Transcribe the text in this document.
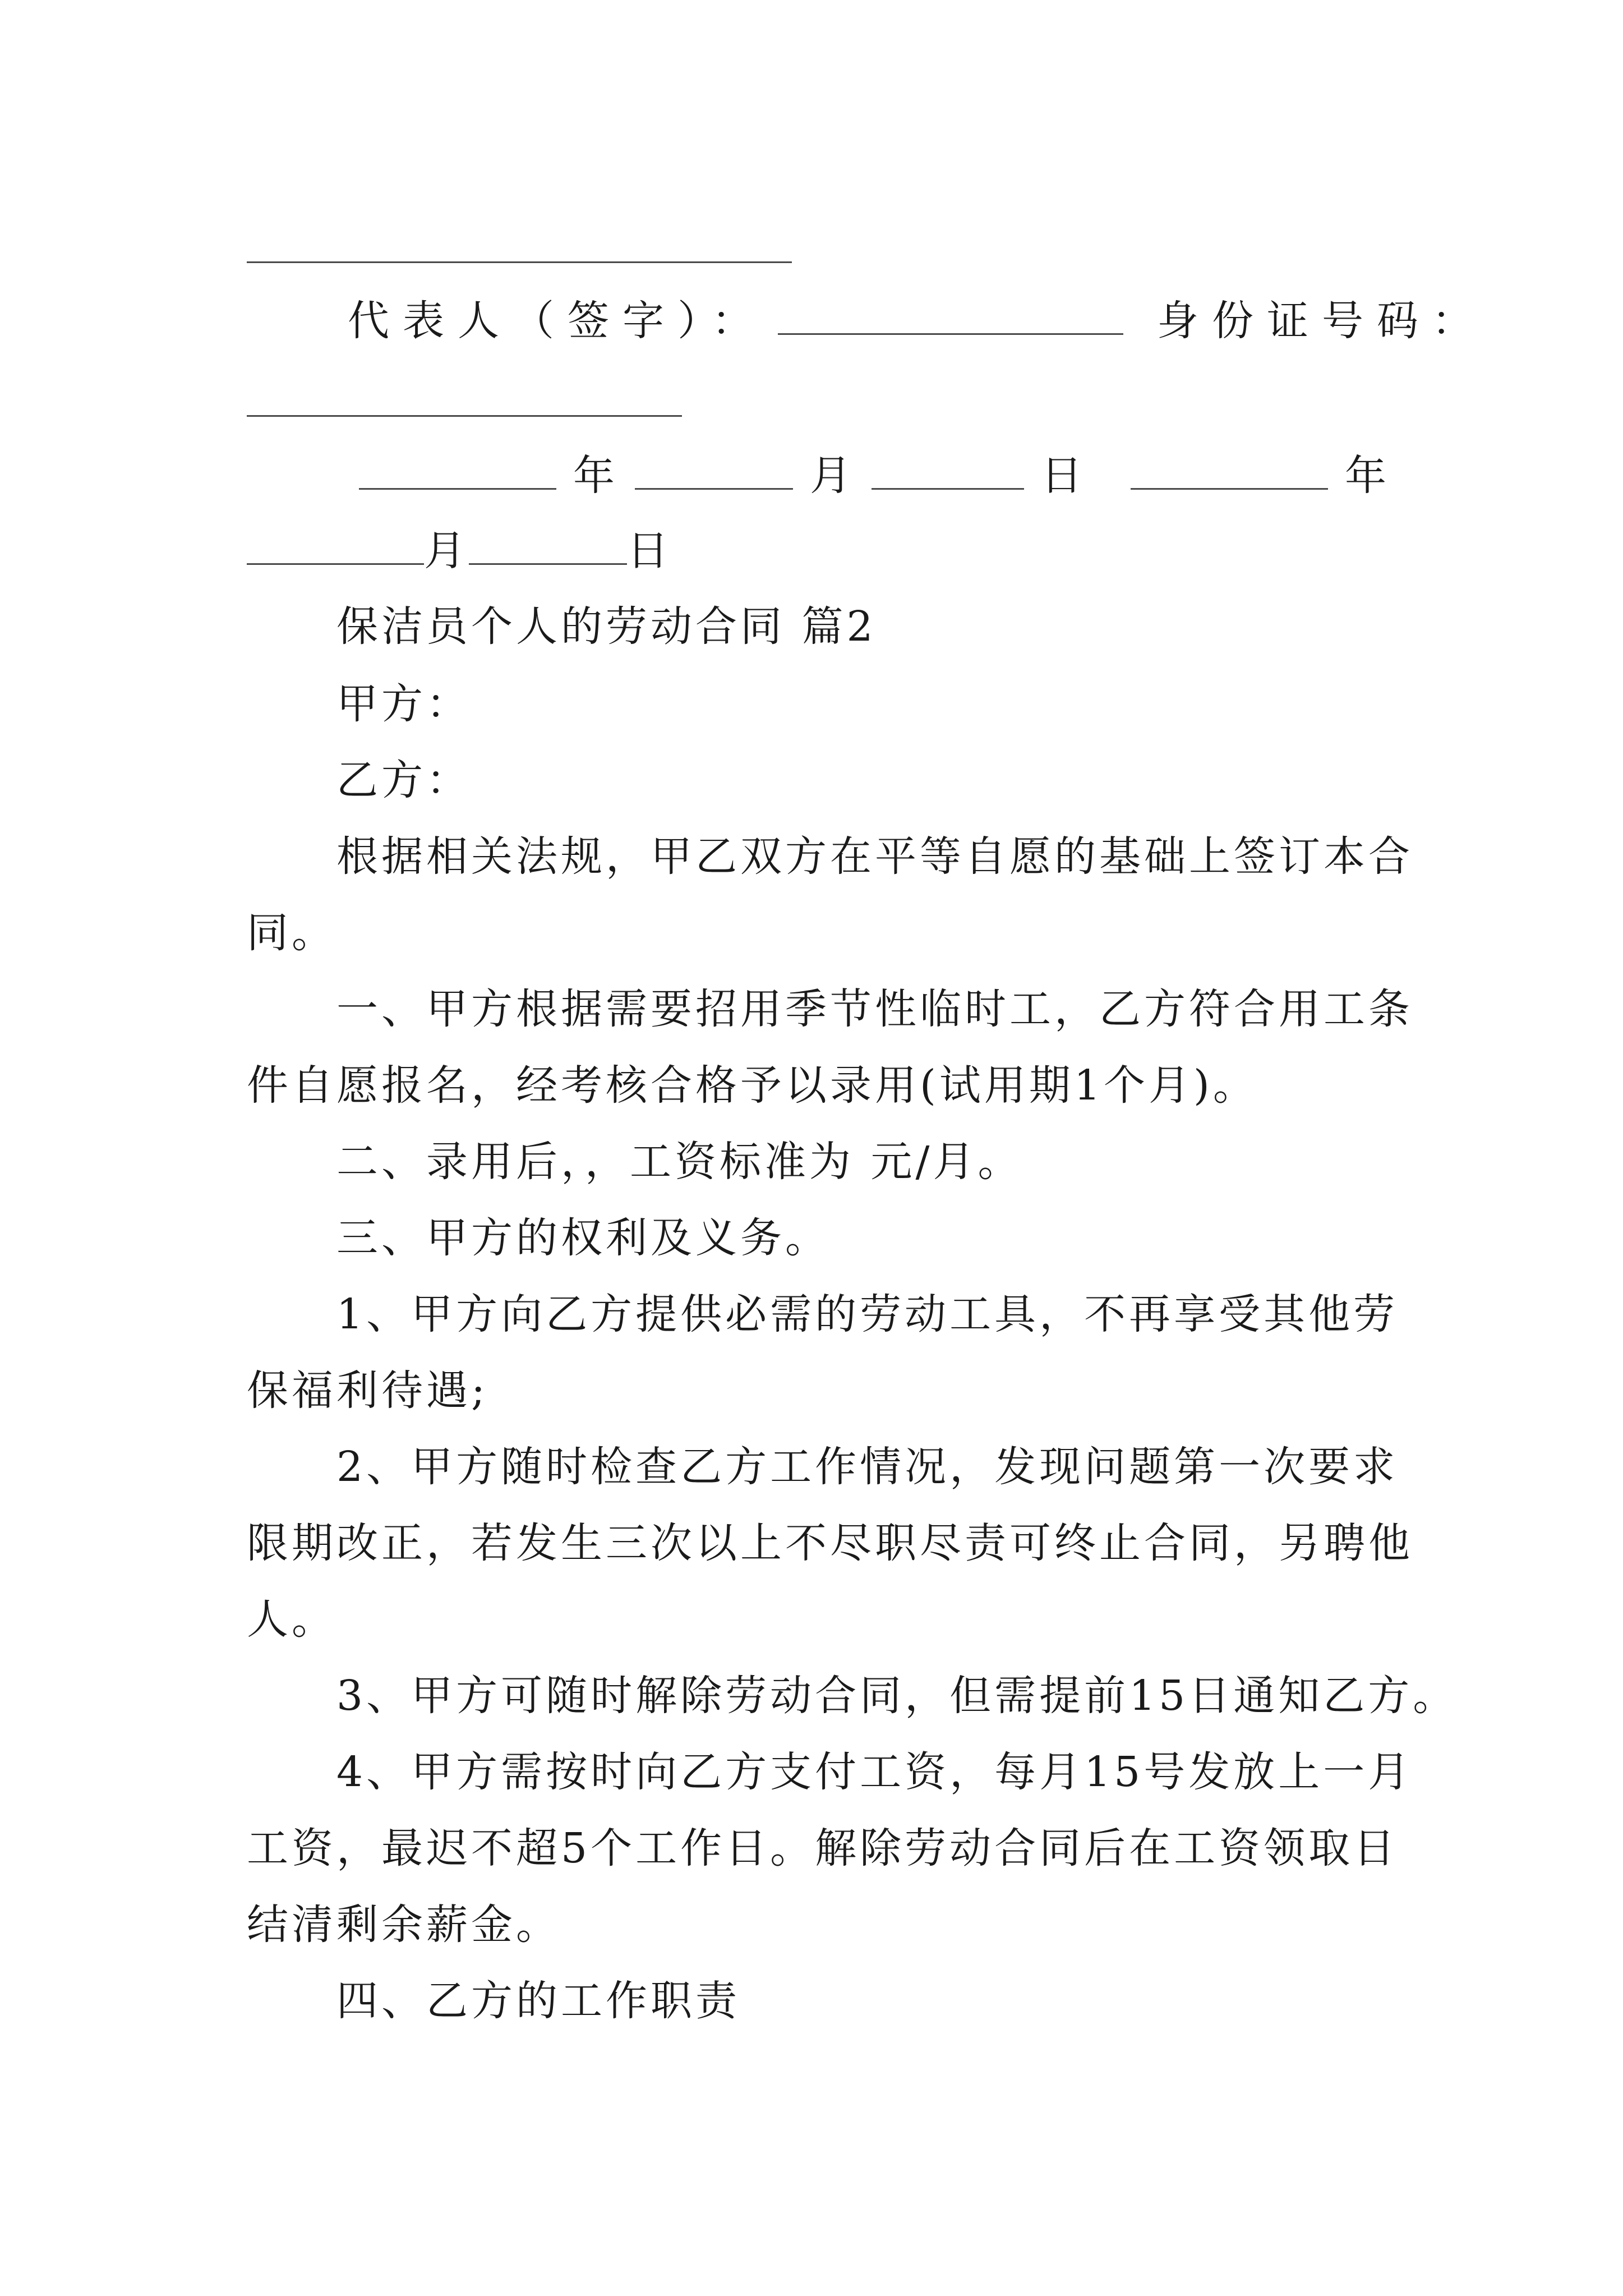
代表人（签字）：	身份证号码：
年	月	日	年
月	日
保洁员个人的劳动合同 篇2
甲方：
乙方：
根据相关法规，甲乙双方在平等自愿的基础上签订本合
同。
一、甲方根据需要招用季节性临时工，乙方符合用工条
件自愿报名，经考核合格予以录用(试用期1个月)。
二、录用后，，工资标准为 元/月。
三、甲方的权利及义务。
1、甲方向乙方提供必需的劳动工具，不再享受其他劳
保福利待遇;
2、甲方随时检查乙方工作情况，发现问题第一次要求
限期改正，若发生三次以上不尽职尽责可终止合同，另聘他
人。
3、甲方可随时解除劳动合同，但需提前15日通知乙方。
4、甲方需按时向乙方支付工资，每月15号发放上一月
工资，最迟不超5个工作日。解除劳动合同后在工资领取日
结清剩余薪金。
四、乙方的工作职责
